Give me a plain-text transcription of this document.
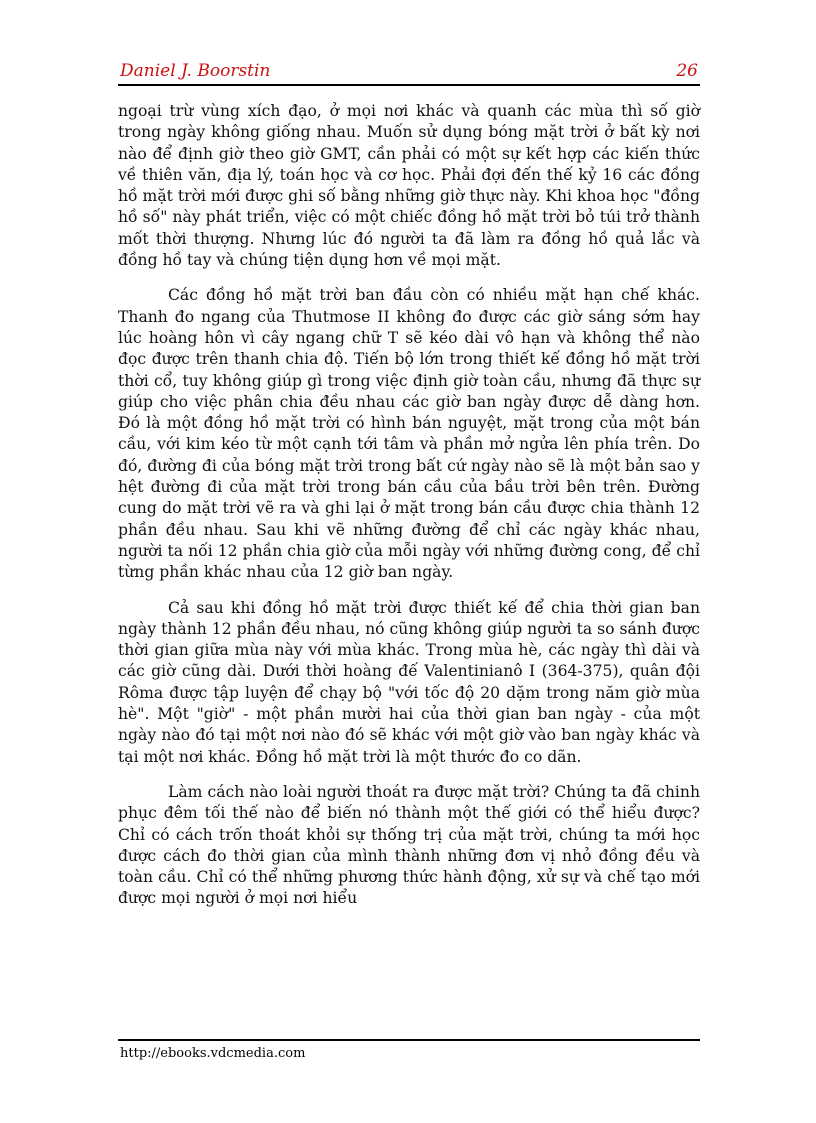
Daniel J. Boorstin	26

ngoại trừ vùng xích đạo, ở mọi nơi khác và quanh các mùa thì số giờ trong ngày không giống nhau. Muốn sử dụng bóng mặt trời ở bất kỳ nơi nào để định giờ theo giờ GMT, cần phải có một sự kết hợp các kiến thức về thiên văn, địa lý, toán học và cơ học. Phải đợi đến thế kỷ 16 các đồng hồ mặt trời mới được ghi số bằng những giờ thực này. Khi khoa học "đồng hồ số" này phát triển, việc có một chiếc đồng hồ mặt trời bỏ túi trở thành mốt thời thượng. Nhưng lúc đó người ta đã làm ra đồng hồ quả lắc và đồng hồ tay và chúng tiện dụng hơn về mọi mặt.

Các đồng hồ mặt trời ban đầu còn có nhiều mặt hạn chế khác. Thanh đo ngang của Thutmose II không đo được các giờ sáng sớm hay lúc hoàng hôn vì cây ngang chữ T sẽ kéo dài vô hạn và không thể nào đọc được trên thanh chia độ. Tiến bộ lớn trong thiết kế đồng hồ mặt trời thời cổ, tuy không giúp gì trong việc định giờ toàn cầu, nhưng đã thực sự giúp cho việc phân chia đều nhau các giờ ban ngày được dễ dàng hơn. Đó là một đồng hồ mặt trời có hình bán nguyệt, mặt trong của một bán cầu, với kim kéo từ một cạnh tới tâm và phần mở ngửa lên phía trên. Do đó, đường đi của bóng mặt trời trong bất cứ ngày nào sẽ là một bản sao y hệt đường đi của mặt trời trong bán cầu của bầu trời bên trên. Đường cung do mặt trời vẽ ra và ghi lại ở mặt trong bán cầu được chia thành 12 phần đều nhau. Sau khi vẽ những đường để chỉ các ngày khác nhau, người ta nối 12 phần chia giờ của mỗi ngày với những đường cong, để chỉ từng phần khác nhau của 12 giờ ban ngày.

Cả sau khi đồng hồ mặt trời được thiết kế để chia thời gian ban ngày thành 12 phần đều nhau, nó cũng không giúp người ta so sánh được thời gian giữa mùa này với mùa khác. Trong mùa hè, các ngày thì dài và các giờ cũng dài. Dưới thời hoàng đế Valentinianô I (364-375), quân đội Rôma được tập luyện để chạy bộ "với tốc độ 20 dặm trong năm giờ mùa hè". Một "giờ" - một phần mười hai của thời gian ban ngày - của một ngày nào đó tại một nơi nào đó sẽ khác với một giờ vào ban ngày khác và tại một nơi khác. Đồng hồ mặt trời là một thước đo co dãn.

Làm cách nào loài người thoát ra được mặt trời? Chúng ta đã chinh phục đêm tối thế nào để biến nó thành một thế giới có thể hiểu được? Chỉ có cách trốn thoát khỏi sự thống trị của mặt trời, chúng ta mới học được cách đo thời gian của mình thành những đơn vị nhỏ đồng đều và toàn cầu. Chỉ có thể những phương thức hành động, xử sự và chế tạo mới được mọi người ở mọi nơi hiểu

http://ebooks.vdcmedia.com
